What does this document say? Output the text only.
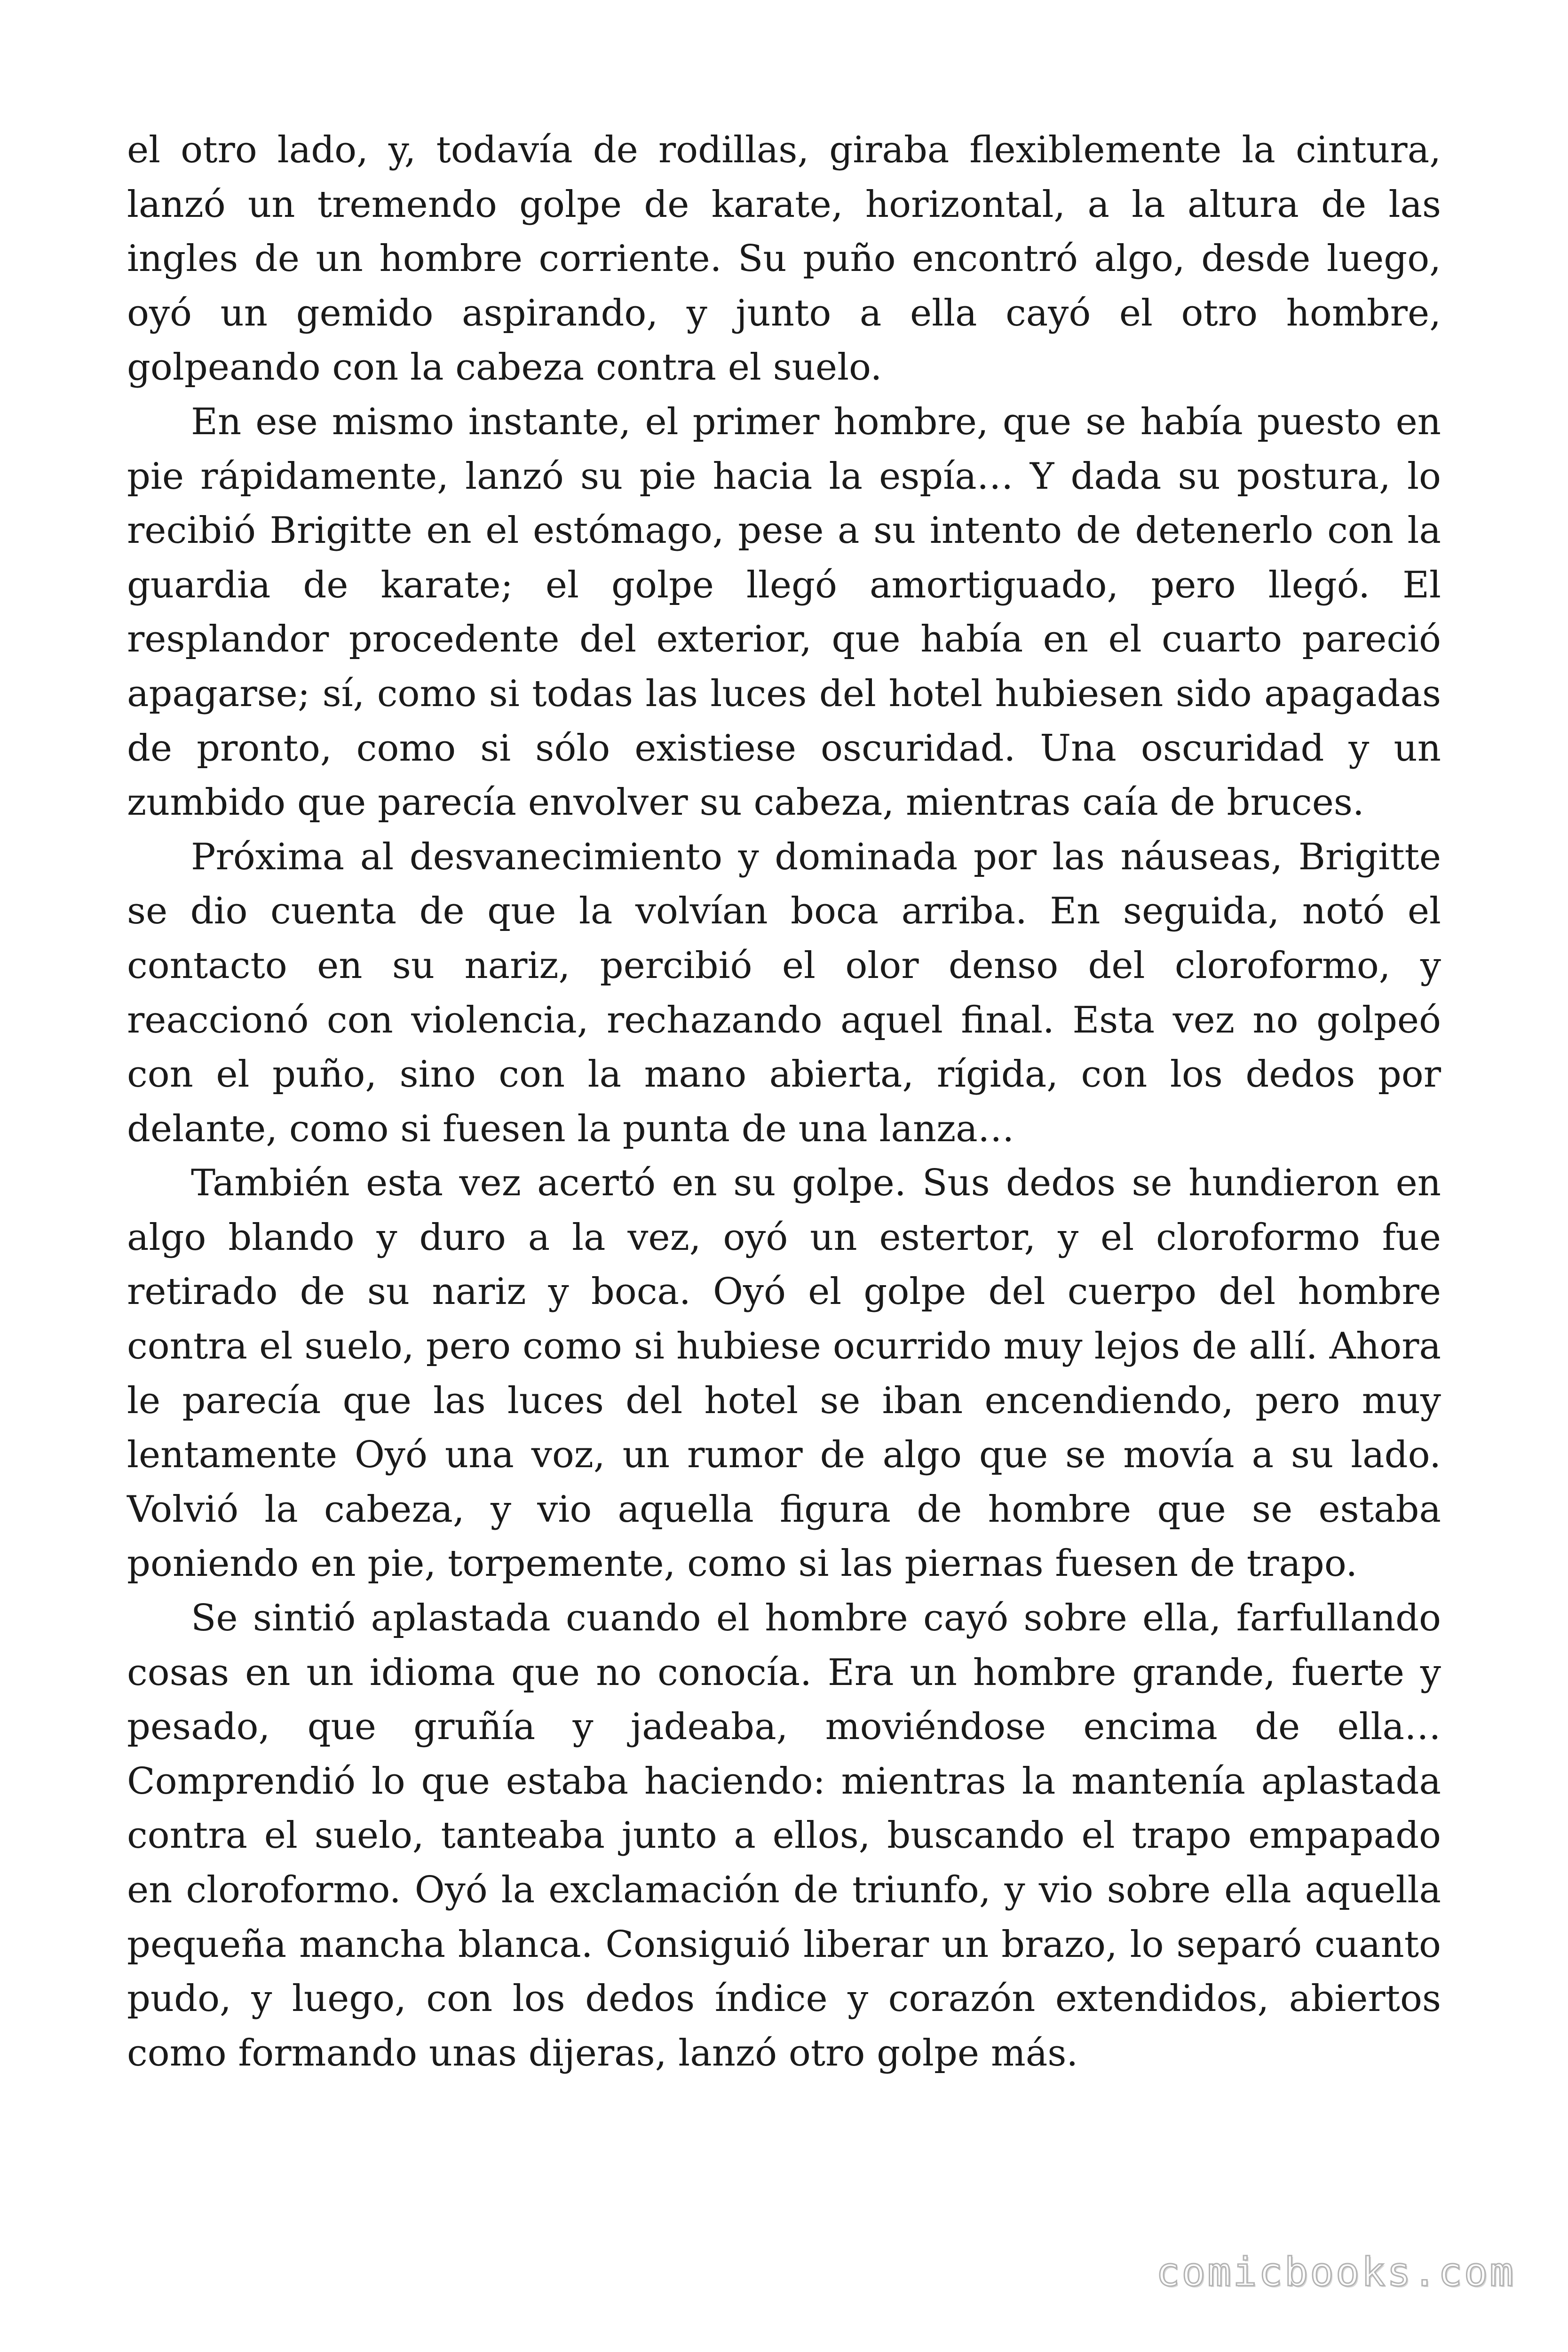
el otro lado, y, todavía de rodillas, giraba flexiblemente la cintura, lanzó un tremendo golpe de karate, horizontal, a la altura de las ingles de un hombre corriente. Su puño encontró algo, desde luego, oyó un gemido aspirando, y junto a ella cayó el otro hombre, golpeando con la cabeza contra el suelo.

En ese mismo instante, el primer hombre, que se había puesto en pie rápidamente, lanzó su pie hacia la espía… Y dada su postura, lo recibió Brigitte en el estómago, pese a su intento de detenerlo con la guardia de karate; el golpe llegó amortiguado, pero llegó. El resplandor procedente del exterior, que había en el cuarto pareció apagarse; sí, como si todas las luces del hotel hubiesen sido apagadas de pronto, como si sólo existiese oscuridad. Una oscuridad y un zumbido que parecía envolver su cabeza, mientras caía de bruces.

Próxima al desvanecimiento y dominada por las náuseas, Brigitte se dio cuenta de que la volvían boca arriba. En seguida, notó el contacto en su nariz, percibió el olor denso del cloroformo, y reaccionó con violencia, rechazando aquel final. Esta vez no golpeó con el puño, sino con la mano abierta, rígida, con los dedos por delante, como si fuesen la punta de una lanza…

También esta vez acertó en su golpe. Sus dedos se hundieron en algo blando y duro a la vez, oyó un estertor, y el cloroformo fue retirado de su nariz y boca. Oyó el golpe del cuerpo del hombre contra el suelo, pero como si hubiese ocurrido muy lejos de allí. Ahora le parecía que las luces del hotel se iban encendiendo, pero muy lentamente Oyó una voz, un rumor de algo que se movía a su lado. Volvió la cabeza, y vio aquella figura de hombre que se estaba poniendo en pie, torpemente, como si las piernas fuesen de trapo.

Se sintió aplastada cuando el hombre cayó sobre ella, farfullando cosas en un idioma que no conocía. Era un hombre grande, fuerte y pesado, que gruñía y jadeaba, moviéndose encima de ella… Comprendió lo que estaba haciendo: mientras la mantenía aplastada contra el suelo, tanteaba junto a ellos, buscando el trapo empapado en cloroformo. Oyó la exclamación de triunfo, y vio sobre ella aquella pequeña mancha blanca. Consiguió liberar un brazo, lo separó cuanto pudo, y luego, con los dedos índice y corazón extendidos, abiertos como formando unas dijeras, lanzó otro golpe más.

comicbooks.com
